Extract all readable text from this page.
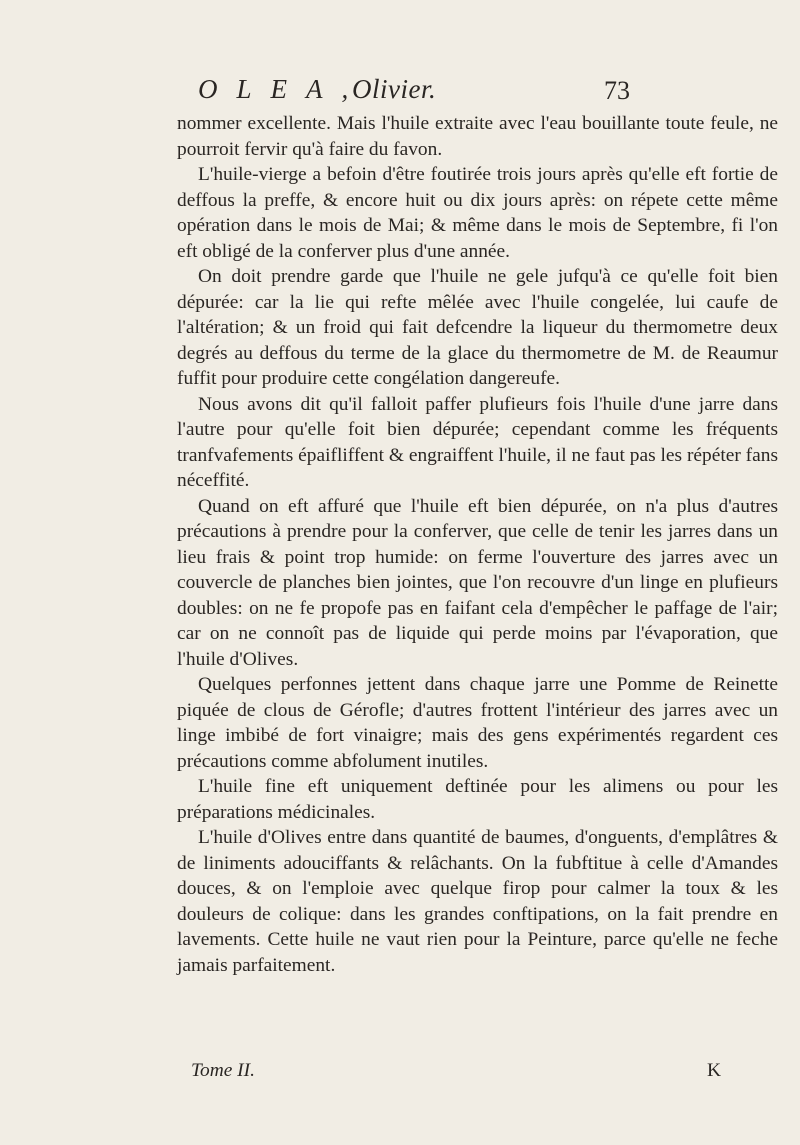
OLEA,
Olivier.	73

nommer excellente. Mais l'huile extraite avec l'eau bouillante toute feule, ne pourroit fervir qu'à faire du favon.

L'huile-vierge a befoin d'être foutirée trois jours après qu'elle eft fortie de deffous la preffe, & encore huit ou dix jours après: on répete cette même opération dans le mois de Mai; & même dans le mois de Septembre, fi l'on eft obligé de la conferver plus d'une année.

On doit prendre garde que l'huile ne gele jufqu'à ce qu'elle foit bien dépurée: car la lie qui refte mêlée avec l'huile congelée, lui caufe de l'altération; & un froid qui fait defcendre la liqueur du thermometre deux degrés au deffous du terme de la glace du thermometre de M. de Reaumur fuffit pour produire cette congélation dangereufe.

Nous avons dit qu'il falloit paffer plufieurs fois l'huile d'une jarre dans l'autre pour qu'elle foit bien dépurée; cependant comme les fréquents tranfvafements épaifliffent & engraiffent l'huile, il ne faut pas les répéter fans néceffité.

Quand on eft affuré que l'huile eft bien dépurée, on n'a plus d'autres précautions à prendre pour la conferver, que celle de tenir les jarres dans un lieu frais & point trop humide: on ferme l'ouverture des jarres avec un couvercle de planches bien jointes, que l'on recouvre d'un linge en plufieurs doubles: on ne fe propofe pas en faifant cela d'empêcher le paffage de l'air; car on ne connoît pas de liquide qui perde moins par l'évaporation, que l'huile d'Olives.

Quelques perfonnes jettent dans chaque jarre une Pomme de Reinette piquée de clous de Gérofle; d'autres frottent l'intérieur des jarres avec un linge imbibé de fort vinaigre; mais des gens expérimentés regardent ces précautions comme abfolument inutiles.

L'huile fine eft uniquement deftinée pour les alimens ou pour les préparations médicinales.

L'huile d'Olives entre dans quantité de baumes, d'onguents, d'emplâtres & de liniments adouciffants & relâchants. On la fubftitue à celle d'Amandes douces, & on l'emploie avec quelque firop pour calmer la toux & les douleurs de colique: dans les grandes conftipations, on la fait prendre en lavements. Cette huile ne vaut rien pour la Peinture, parce qu'elle ne feche jamais parfaitement.

Tome II.	K
